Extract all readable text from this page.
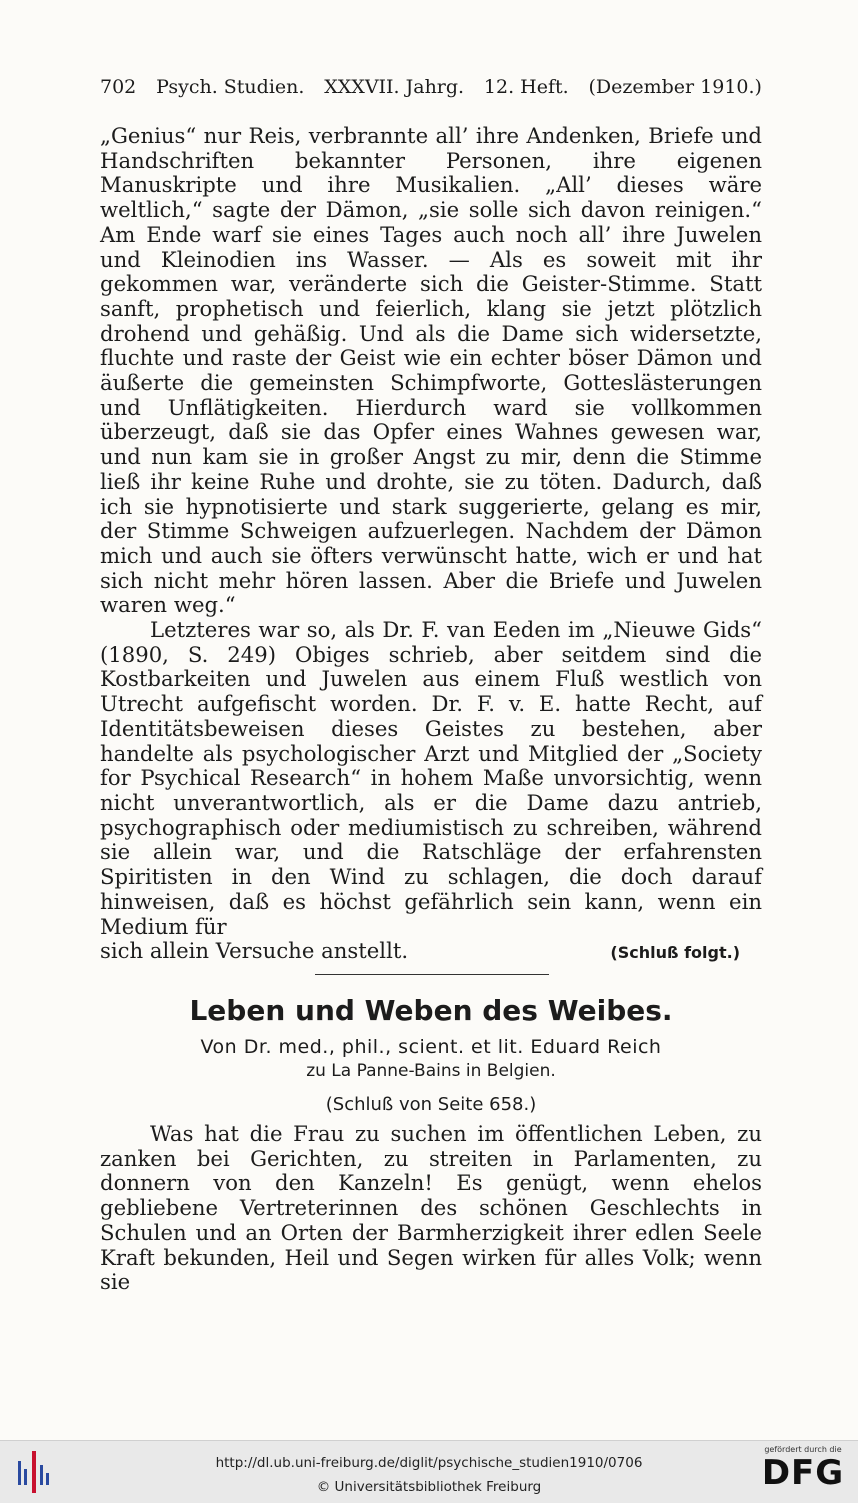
702 Psych. Studien. XXXVII. Jahrg. 12. Heft. (Dezember 1910.)

„Genius“ nur Reis, verbrannte all’ ihre Andenken, Briefe und Handschriften bekannter Personen, ihre eigenen Manuskripte und ihre Musikalien. „All’ dieses wäre weltlich,“ sagte der Dämon, „sie solle sich davon reinigen.“ Am Ende warf sie eines Tages auch noch all’ ihre Juwelen und Kleinodien ins Wasser. — Als es soweit mit ihr gekommen war, veränderte sich die Geister-Stimme. Statt sanft, prophetisch und feierlich, klang sie jetzt plötzlich drohend und gehäßig. Und als die Dame sich widersetzte, fluchte und raste der Geist wie ein echter böser Dämon und äußerte die gemeinsten Schimpfworte, Gotteslästerungen und Unflätigkeiten. Hierdurch ward sie vollkommen überzeugt, daß sie das Opfer eines Wahnes gewesen war, und nun kam sie in großer Angst zu mir, denn die Stimme ließ ihr keine Ruhe und drohte, sie zu töten. Dadurch, daß ich sie hypnotisierte und stark suggerierte, gelang es mir, der Stimme Schweigen aufzuerlegen. Nachdem der Dämon mich und auch sie öfters verwünscht hatte, wich er und hat sich nicht mehr hören lassen. Aber die Briefe und Juwelen waren weg.“

Letzteres war so, als Dr. F. van Eeden im „Nieuwe Gids“ (1890, S. 249) Obiges schrieb, aber seitdem sind die Kostbarkeiten und Juwelen aus einem Fluß westlich von Utrecht aufgefischt worden. Dr. F. v. E. hatte Recht, auf Identitätsbeweisen dieses Geistes zu bestehen, aber handelte als psychologischer Arzt und Mitglied der „Society for Psychical Research“ in hohem Maße unvorsichtig, wenn nicht unverantwortlich, als er die Dame dazu antrieb, psychographisch oder mediumistisch zu schreiben, während sie allein war, und die Ratschläge der erfahrensten Spiritisten in den Wind zu schlagen, die doch darauf hinweisen, daß es höchst gefährlich sein kann, wenn ein Medium für

sich allein Versuche anstellt.	(Schluß folgt.)
Leben und Weben des Weibes.
Von Dr. med., phil., scient. et lit. Eduard Reich
zu La Panne-Bains in Belgien.
(Schluß von Seite 658.)

Was hat die Frau zu suchen im öffentlichen Leben, zu zanken bei Gerichten, zu streiten in Parlamenten, zu donnern von den Kanzeln! Es genügt, wenn ehelos gebliebene Vertreterinnen des schönen Geschlechts in Schulen und an Orten der Barmherzigkeit ihrer edlen Seele Kraft bekunden, Heil und Segen wirken für alles Volk; wenn sie

http://dl.ub.uni-freiburg.de/diglit/psychische_studien1910/0706
© Universitätsbibliothek Freiburg
gefördert durch die
DFG
